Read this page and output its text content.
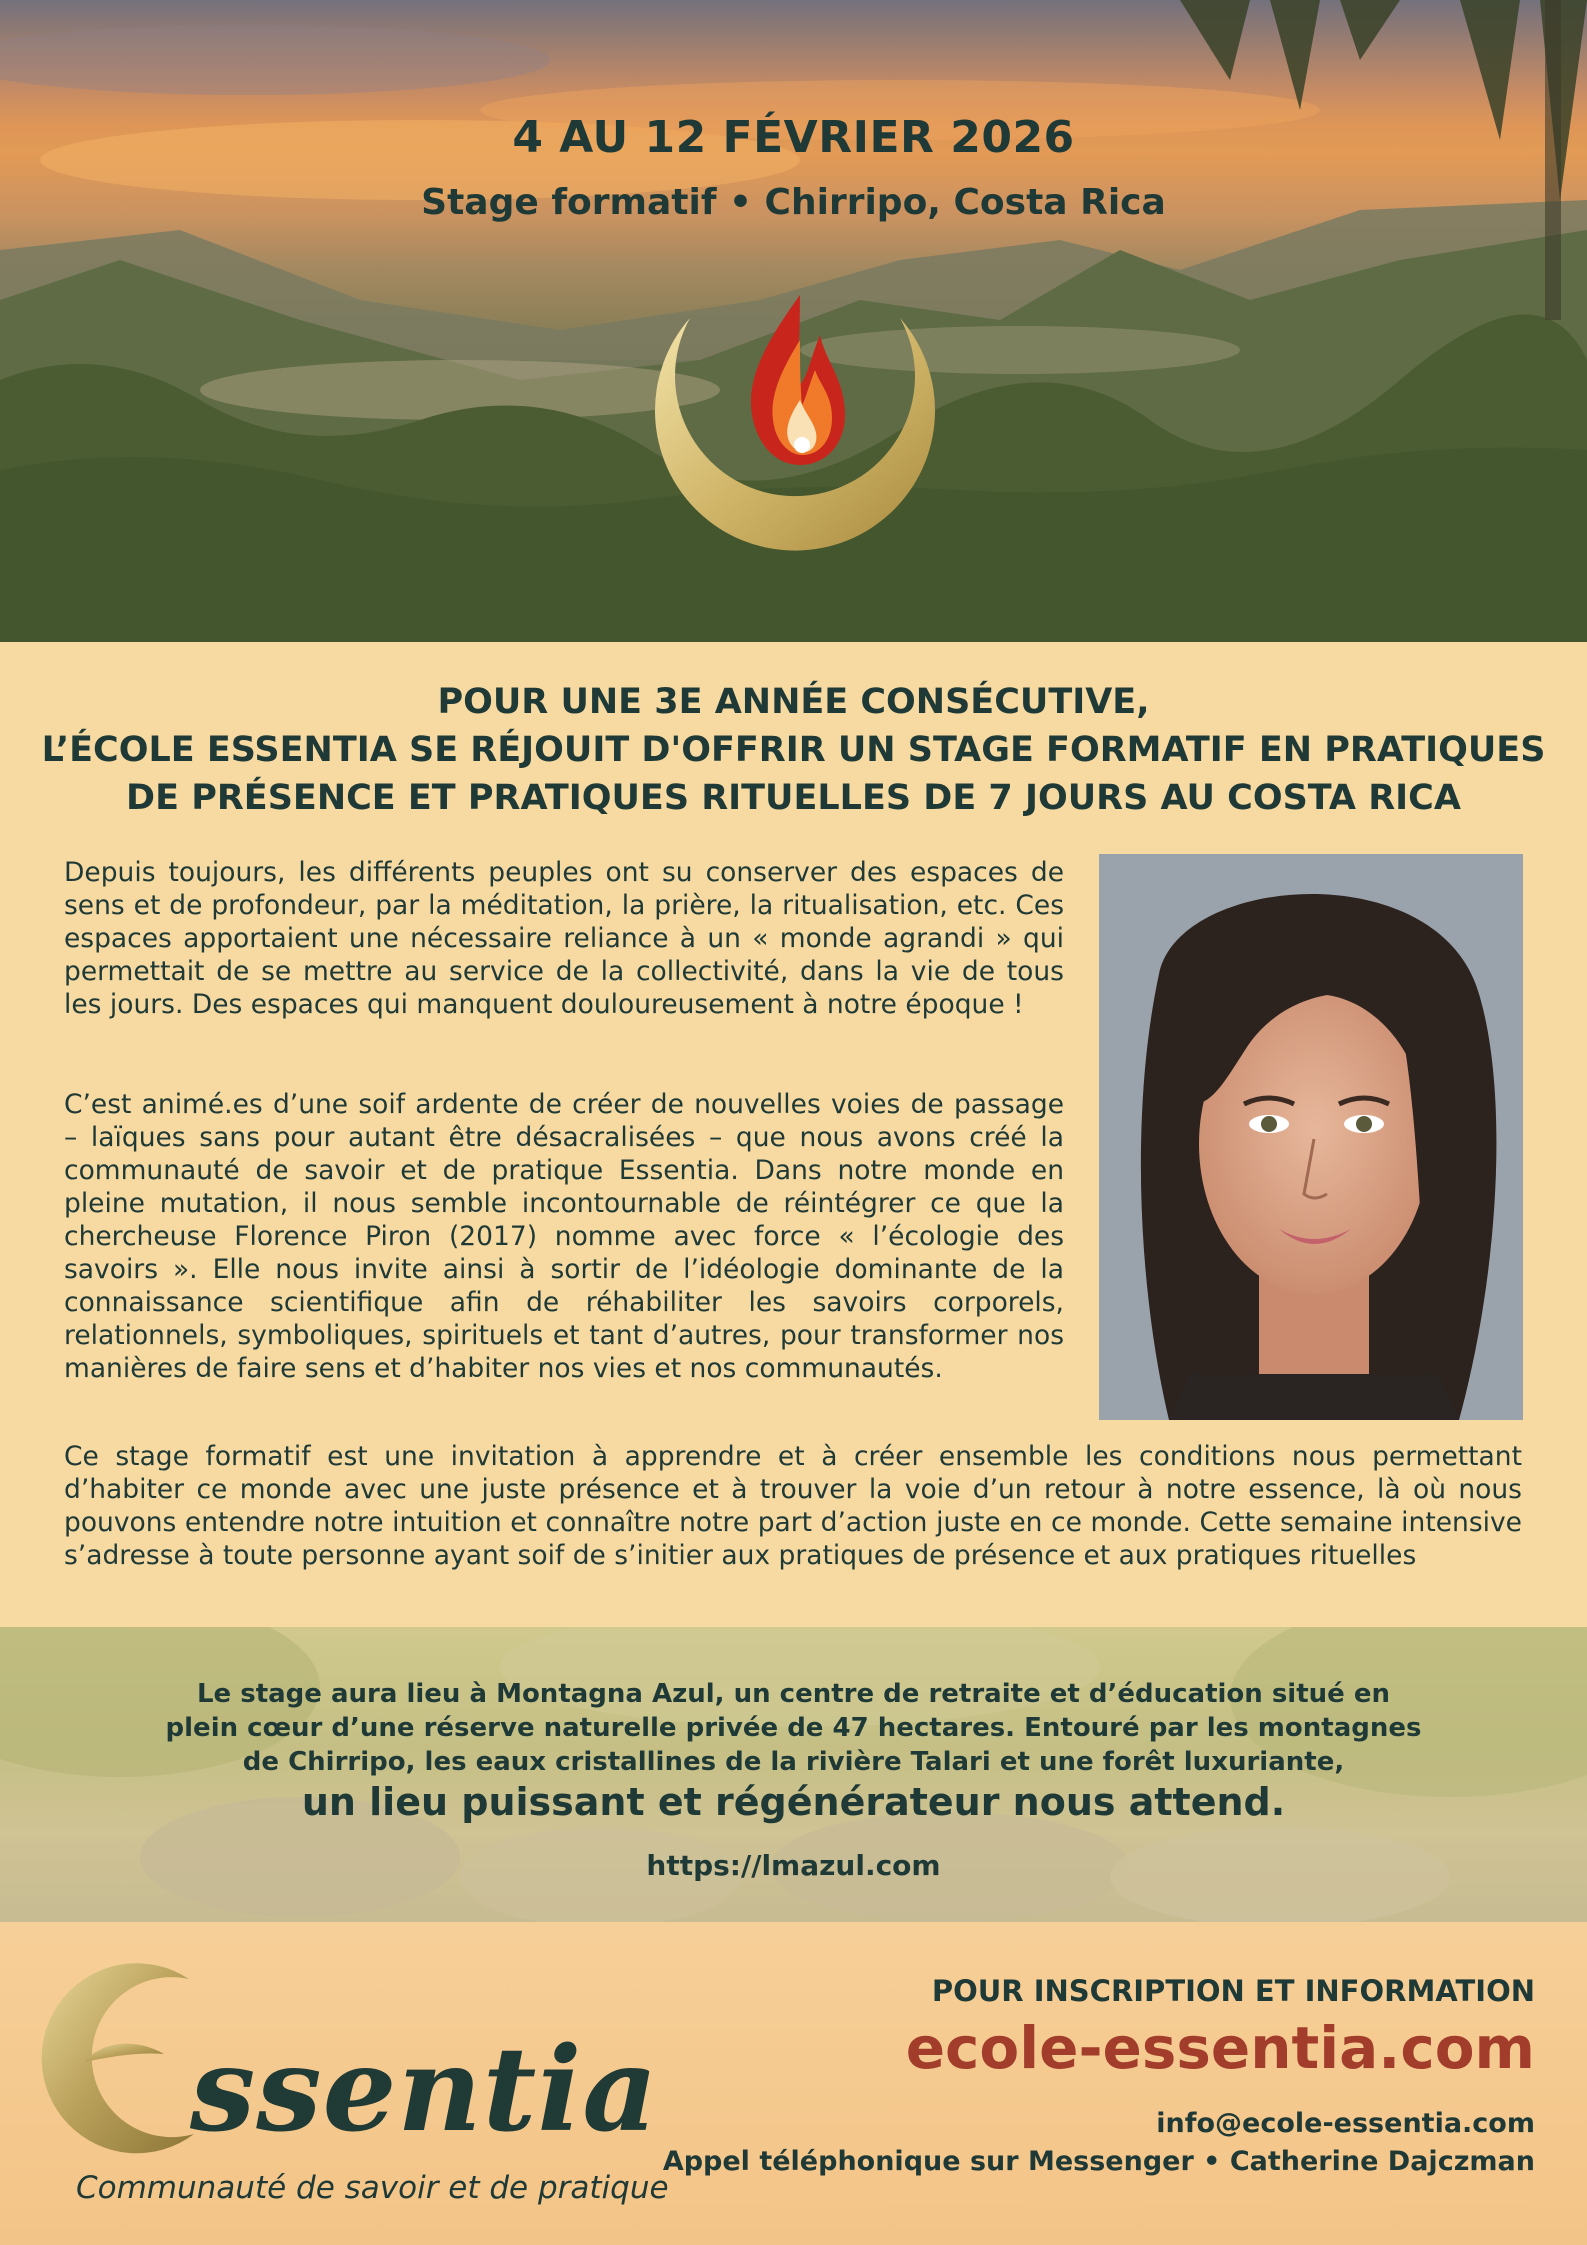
4 AU 12 FÉVRIER 2026
Stage formatif • Chirripo, Costa Rica
POUR UNE 3E ANNÉE CONSÉCUTIVE,
L’ÉCOLE ESSENTIA SE RÉJOUIT D'OFFRIR UN STAGE FORMATIF EN PRATIQUES
DE PRÉSENCE ET PRATIQUES RITUELLES DE 7 JOURS AU COSTA RICA

Depuis toujours, les différents peuples ont su conserver des espaces de sens et de profondeur, par la méditation, la prière, la ritualisation, etc. Ces espaces apportaient une nécessaire reliance à un « monde agrandi » qui permettait de se mettre au service de la collectivité, dans la vie de tous les jours. Des espaces qui manquent douloureusement à notre époque !

C’est animé.es d’une soif ardente de créer de nouvelles voies de passage – laïques sans pour autant être désacralisées – que nous avons créé la communauté de savoir et de pratique Essentia. Dans notre monde en pleine mutation, il nous semble incontournable de réintégrer ce que la chercheuse Florence Piron (2017) nomme avec force « l’écologie des savoirs ». Elle nous invite ainsi à sortir de l’idéologie dominante de la connaissance scientifique afin de réhabiliter les savoirs corporels, relationnels, symboliques, spirituels et tant d’autres, pour transformer nos manières de faire sens et d’habiter nos vies et nos communautés.

Ce stage formatif est une invitation à apprendre et à créer ensemble les conditions nous permettant d’habiter ce monde avec une juste présence et à trouver la voie d’un retour à notre essence, là où nous pouvons entendre notre intuition et connaître notre part d’action juste en ce monde. Cette semaine intensive s’adresse à toute personne ayant soif de s’initier aux pratiques de présence et aux pratiques rituelles

Le stage aura lieu à Montagna Azul, un centre de retraite et d’éducation situé en
plein cœur d’une réserve naturelle privée de 47 hectares. Entouré par les montagnes
de Chirripo, les eaux cristallines de la rivière Talari et une forêt luxuriante,
un lieu puissant et régénérateur nous attend.
https://lmazul.com
ssentia
Communauté de savoir et de pratique
POUR INSCRIPTION ET INFORMATION
ecole-essentia.com
info@ecole-essentia.com
Appel téléphonique sur Messenger • Catherine Dajczman
